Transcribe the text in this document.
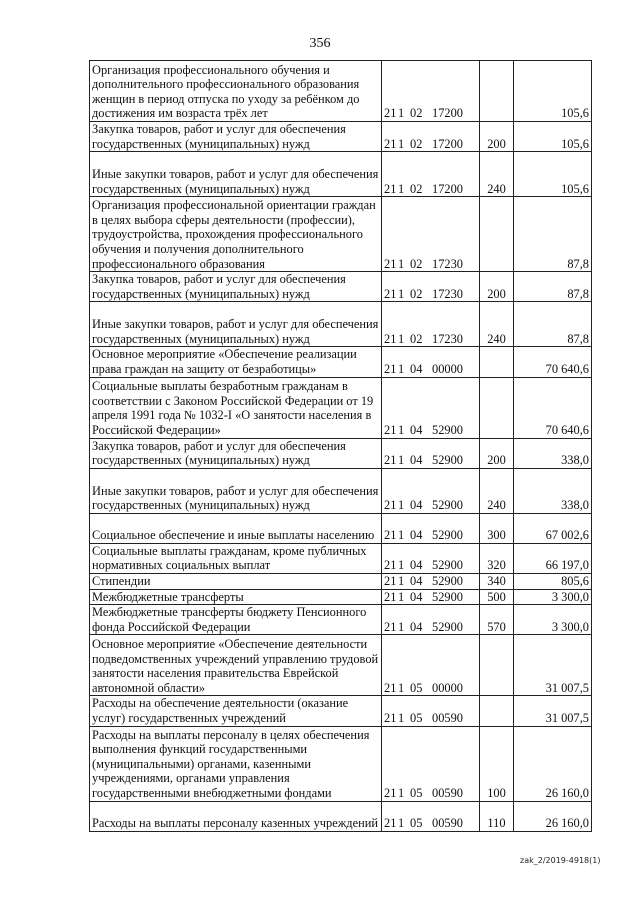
356
Организация профессионального обучения и дополнительного профессионального образования женщин в период отпуска по уходу за ребёнком до достижения им возраста трёх лет	21 1 02 17200		105,6
Закупка товаров, работ и услуг для обеспечения государственных (муниципальных) нужд	21 1 02 17200	200	105,6
Иные закупки товаров, работ и услуг для обеспечения государственных (муниципальных) нужд	21 1 02 17200	240	105,6
Организация профессиональной ориентации граждан в целях выбора сферы деятельности (профессии), трудоустройства, прохождения профессионального обучения и получения дополнительного профессионального образования	21 1 02 17230		87,8
Закупка товаров, работ и услуг для обеспечения государственных (муниципальных) нужд	21 1 02 17230	200	87,8
Иные закупки товаров, работ и услуг для обеспечения государственных (муниципальных) нужд	21 1 02 17230	240	87,8
Основное мероприятие «Обеспечение реализации права граждан на защиту от безработицы»	21 1 04 00000		70 640,6
Социальные выплаты безработным гражданам в соответствии с Законом Российской Федерации от 19 апреля 1991 года № 1032-I «О занятости населения в Российской Федерации»	21 1 04 52900		70 640,6
Закупка товаров, работ и услуг для обеспечения государственных (муниципальных) нужд	21 1 04 52900	200	338,0
Иные закупки товаров, работ и услуг для обеспечения государственных (муниципальных) нужд	21 1 04 52900	240	338,0
Социальное обеспечение и иные выплаты населению	21 1 04 52900	300	67 002,6
Социальные выплаты гражданам, кроме публичных нормативных социальных выплат	21 1 04 52900	320	66 197,0
Стипендии	21 1 04 52900	340	805,6
Межбюджетные трансферты	21 1 04 52900	500	3 300,0
Межбюджетные трансферты бюджету Пенсионного фонда Российской Федерации	21 1 04 52900	570	3 300,0
Основное мероприятие «Обеспечение деятельности подведомственных учреждений управлению трудовой занятости населения правительства Еврейской автономной области»	21 1 05 00000		31 007,5
Расходы на обеспечение деятельности (оказание услуг) государственных учреждений	21 1 05 00590		31 007,5
Расходы на выплаты персоналу в целях обеспечения выполнения функций государственными (муниципальными) органами, казенными учреждениями, органами управления государственными внебюджетными фондами	21 1 05 00590	100	26 160,0
Расходы на выплаты персоналу казенных учреждений	21 1 05 00590	110	26 160,0
zak_2/2019-4918(1)
